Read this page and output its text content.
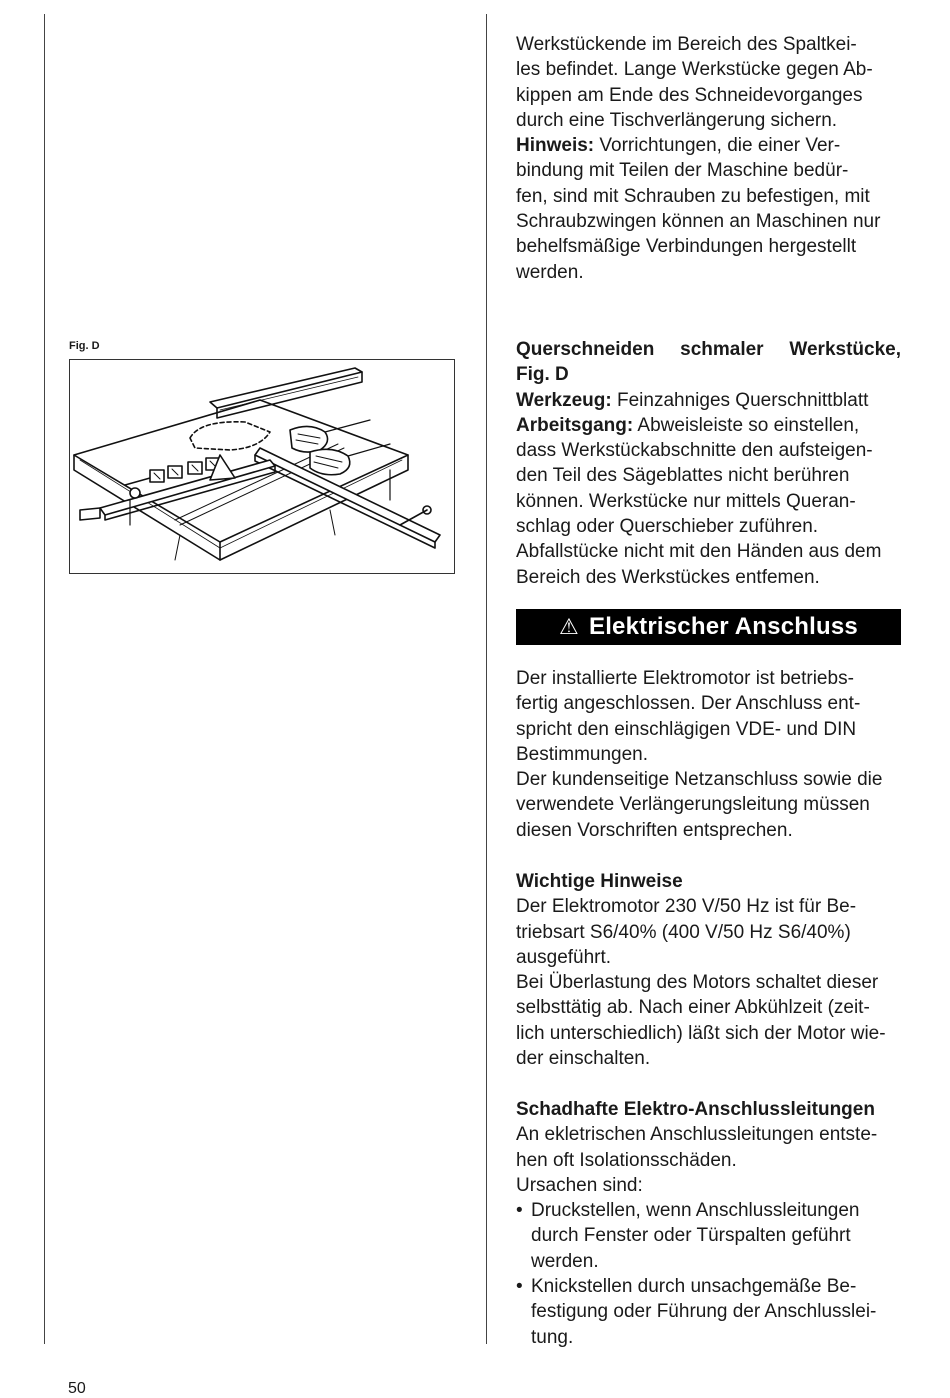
Werkstückende im Bereich des Spaltkei-

les befindet. Lange Werkstücke gegen Ab-

kippen am Ende des Schneidevorganges

durch eine Tischverlängerung sichern.

Hinweis: Vorrichtungen, die einer Ver-

bindung mit Teilen der Maschine bedür-

fen, sind mit Schrauben zu befestigen, mit

Schraubzwingen können an Maschinen nur

behelfsmäßige Verbindungen hergestellt

werden.

Fig. D	Querschneiden schmaler Werkstücke,

Fig. D

Werkzeug: Feinzahniges Querschnittblatt

Arbeitsgang: Abweisleiste so einstellen,

dass Werkstückabschnitte den aufsteigen-

den Teil des Sägeblattes nicht berühren

können. Werkstücke nur mittels Queran-

schlag oder Querschieber zuführen.

Abfallstücke nicht mit den Händen aus dem

Bereich des Werkstückes entfemen.

⚠ Elektrischer Anschluss

Der installierte Elektromotor ist betriebs-

fertig angeschlossen. Der Anschluss ent-

spricht den einschlägigen VDE- und DIN

Bestimmungen.

Der kundenseitige Netzanschluss sowie die

verwendete Verlängerungsleitung müssen

diesen Vorschriften entsprechen.

Wichtige Hinweise

Der Elektromotor 230 V/50 Hz ist für Be-

triebsart S6/40% (400 V/50 Hz S6/40%)

ausgeführt.

Bei Überlastung des Motors schaltet dieser

selbsttätig ab. Nach einer Abkühlzeit (zeit-

lich unterschiedlich) läßt sich der Motor wie-

der einschalten.

Schadhafte Elektro-Anschlussleitungen

An ekletrischen Anschlussleitungen entste-

hen oft Isolationsschäden.

Ursachen sind:

• Druckstellen, wenn Anschlussleitungen

durch Fenster oder Türspalten geführt

werden.

• Knickstellen durch unsachgemäße Be-

festigung oder Führung der Anschlusslei-

tung.

50
